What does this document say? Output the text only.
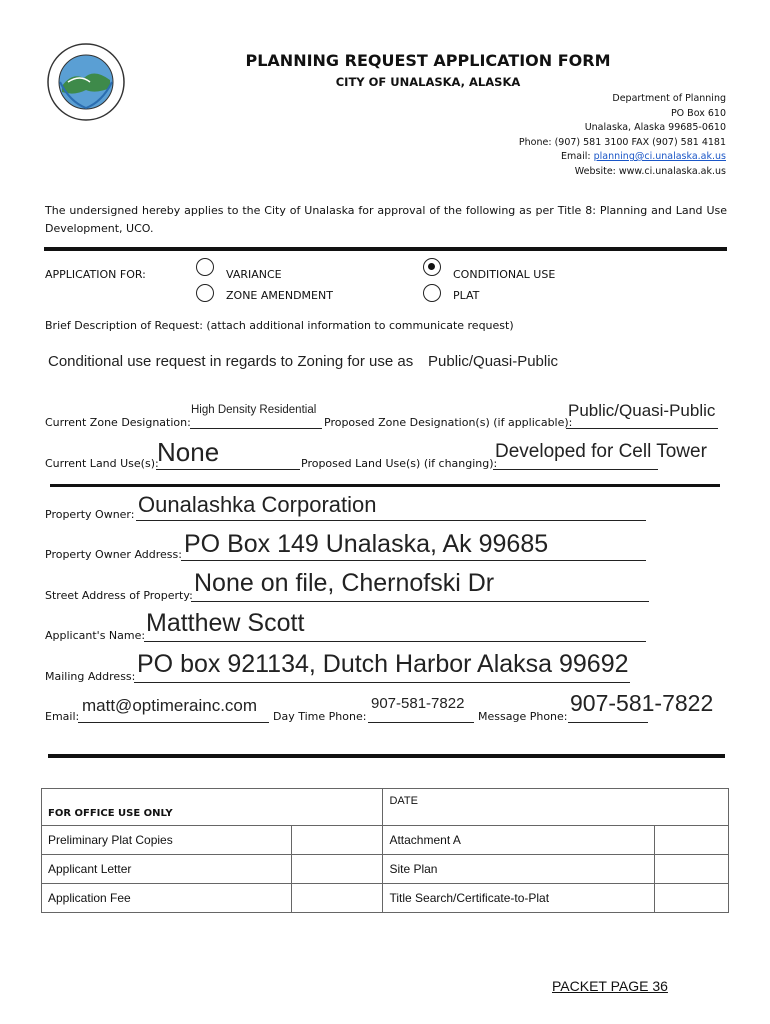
PLANNING REQUEST APPLICATION FORM
CITY OF UNALASKA, ALASKA
Department of Planning
PO Box 610
Unalaska, Alaska 99685-0610
Phone: (907) 581 3100 FAX (907) 581 4181
Email: planning@ci.unalaska.ak.us
Website: www.ci.unalaska.ak.us
The undersigned hereby applies to the City of Unalaska for approval of the following as per Title 8: Planning and Land Use Development, UCO.
APPLICATION FOR:	VARIANCE
ZONE AMENDMENT
CONDITIONAL USE
PLAT
Brief Description of Request: (attach additional information to communicate request)
Conditional use request in regards to Zoning for use as Public/Quasi-Public
Current Zone Designation:
High Density Residential
Proposed Zone Designation(s) (if applicable):
Public/Quasi-Public
Current Land Use(s):
None	Proposed Land Use(s) (if changing):
Developed for Cell Tower
Property Owner: Ounalashka Corporation
Property Owner Address: PO Box 149 Unalaska, Ak 99685
Street Address of Property: None on file, Chernofski Dr
Applicant's Name: Matthew Scott
Mailing Address: PO box 921134, Dutch Harbor Alaksa 99692
Email:
matt@optimerainc.com
Day Time Phone:
907-581-7822
Message Phone:
907-581-7822
FOR OFFICE USE ONLY		DATE	
Preliminary Plat Copies		Attachment A	
Applicant Letter		Site Plan	
Application Fee		Title Search/Certificate-to-Plat	
PACKET PAGE 36
